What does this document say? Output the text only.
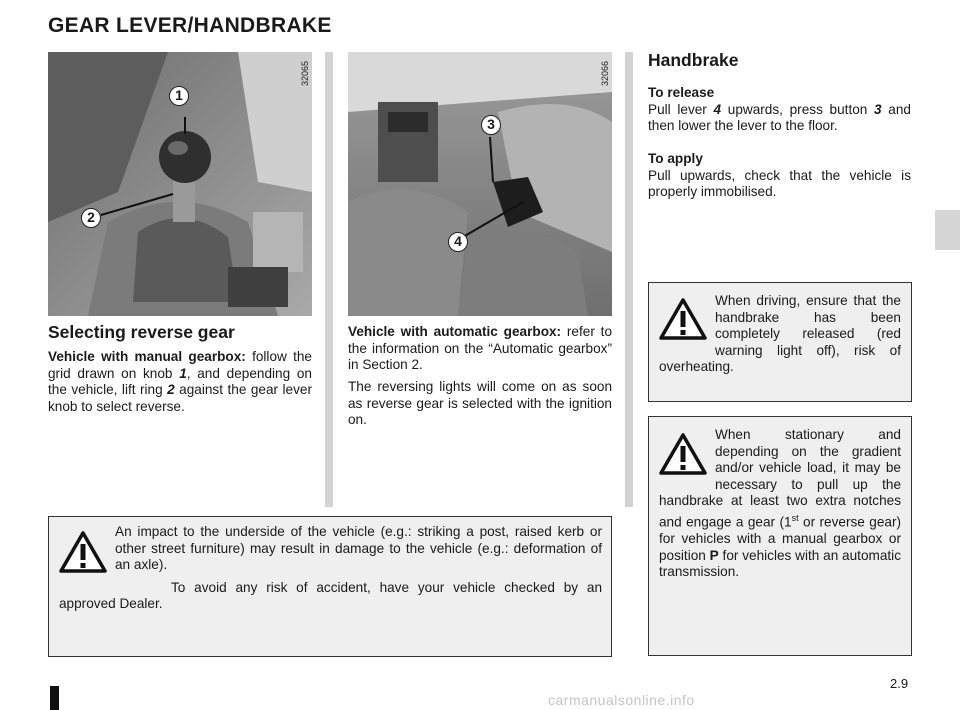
GEAR LEVER/HANDBRAKE
1
2
32065
3
4
32066
Selecting reverse gear
Vehicle with manual gearbox: follow the grid drawn on knob 1, and depending on the vehicle, lift ring 2 against the gear lever knob to select reverse.
Vehicle with automatic gearbox: refer to the information on the “Automatic gearbox” in Section 2.
The reversing lights will come on as soon as reverse gear is selected with the ignition on.
Handbrake
To release
Pull lever 4 upwards, press button 3 and then lower the lever to the floor.
To apply
Pull upwards, check that the vehicle is properly immobilised.
When driving, ensure that the handbrake has been completely released (red warning light off), risk of overheating.
When stationary and depending on the gradient and/or vehicle load, it may be necessary to pull up the handbrake at least two extra notches and engage a gear (1st or reverse gear) for vehicles with a manual gearbox or position P for vehicles with an automatic transmission.
An impact to the underside of the vehicle (e.g.: striking a post, raised kerb or other street furniture) may result in damage to the vehicle (e.g.: deformation of an axle).
To avoid any risk of accident, have your vehicle checked by an approved Dealer.
2.9
carmanualsonline.info
